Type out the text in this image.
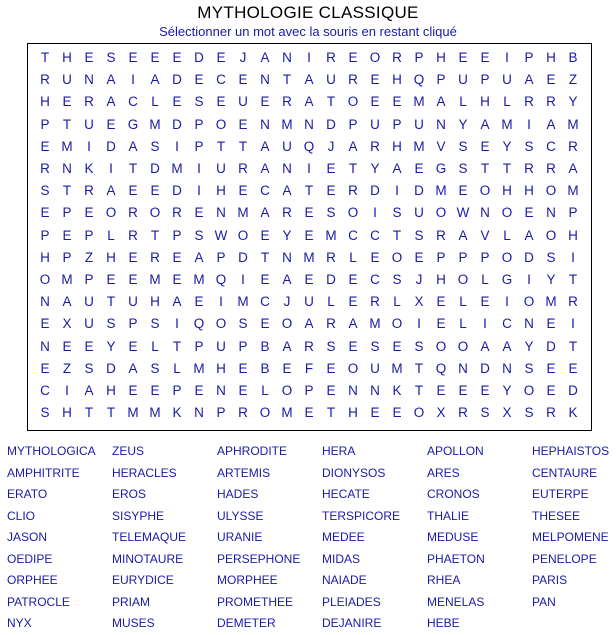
MYTHOLOGIE CLASSIQUE
Sélectionner un mot avec la souris en restant cliqué
T H E S E E E D E	J	A N	I	R E O R P H E E	I	P H B
R U N A	I	A D E C E N T A U R E H Q P U P U A E Z
H E R A C L	E S E U E R A T O E E M A	L H L R R Y
P T U E G M D P O E N M N D P U P U N Y A M	I	A M
E M	I	D A S	I	P T	T A U Q J	A R H M V S E Y S C R
R N K	I	T D M	I	U R A N	I	E T Y A E G S T	T R R A
S T R A E E D	I	H E C A T E R D	I	D M E O H H O M
E P E O R O R E N M A R E S O	I	S U O W N O E N P
P E P	L R T P S W O E Y E M C C T S R A V	L	A O H
H P Z H E R E A P D T N M R L	E O E P P P O D S	I
O M P E E M E M Q	I	E A E D E C S	J	H O L G	I	Y T
N A U T U H A E	I	M C	J	U L	E R L	X E	L	E	I	O M R
E X U S P S	I	Q O S E O A R A M O	I	E	L	I	C N E	I
N E E Y E	L	T P U P B A R S E S E S O O A A Y D T
E Z S D A S	L M H E B E F E O U M T Q N D N S E E
C	I	A H E E P E N E	L O P E N N K T E E E Y O E D
S H T	T M M K N P R O M E T H E E O X R S X S R K
MYTHOLOGICA
AMPHITRITE
ERATO
CLIO
JASON
OEDIPE
ORPHEE
PATROCLE
NYX
ZEUS
HERACLES
EROS
SISYPHE
TELEMAQUE
MINOTAURE
EURYDICE
PRIAM
MUSES
APHRODITE
ARTEMIS
HADES
ULYSSE
URANIE
PERSEPHONE
MORPHEE
PROMETHEE
DEMETER
HERA
DIONYSOS
HECATE
TERSPICORE
MEDEE
MIDAS
NAIADE
PLEIADES
DEJANIRE
APOLLON
ARES
CRONOS
THALIE
MEDUSE
PHAETON
RHEA
MENELAS
HEBE
HEPHAISTOS
CENTAURE
EUTERPE
THESEE
MELPOMENE
PENELOPE
PARIS
PAN
